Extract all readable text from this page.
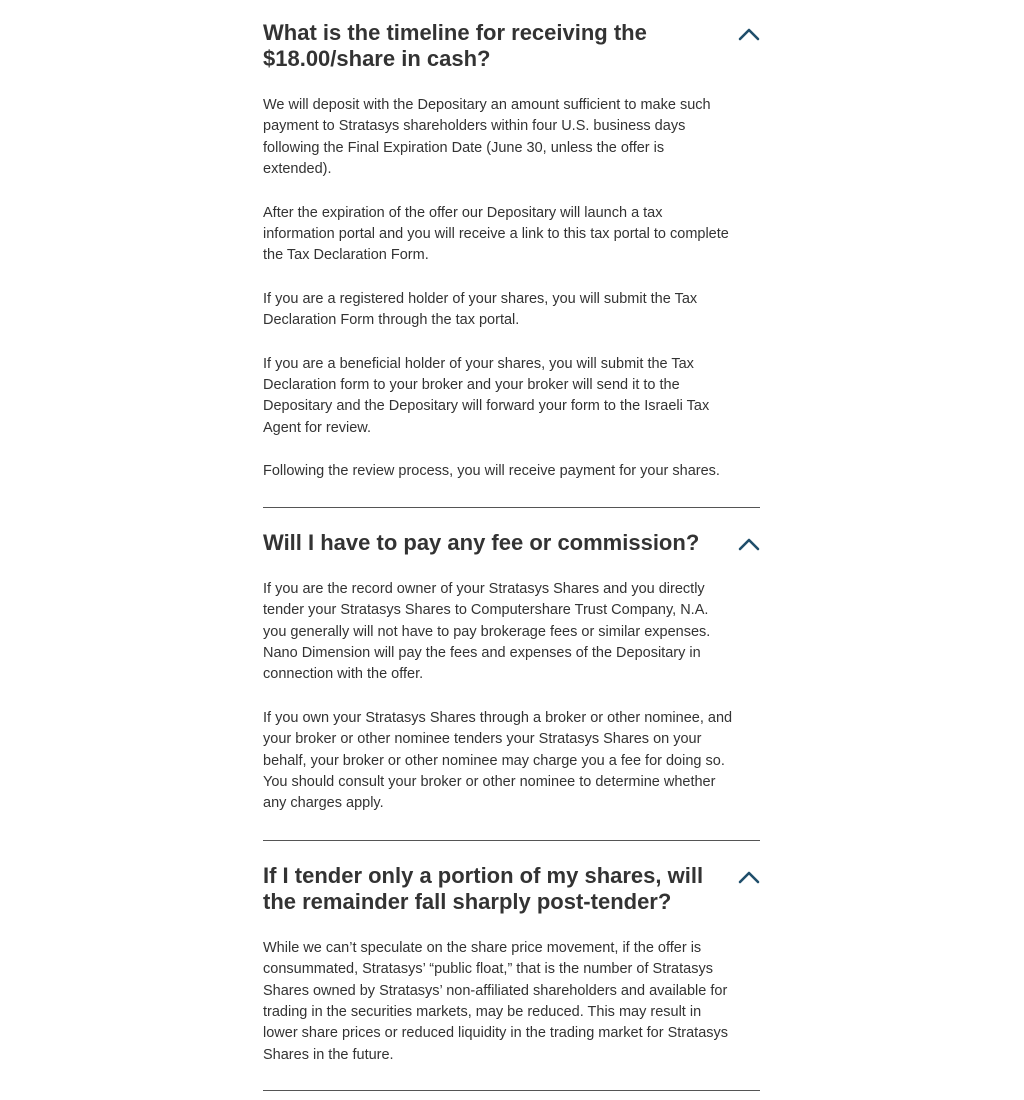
What is the timeline for receiving the $18.00/share in cash?

We will deposit with the Depositary an amount sufficient to make such payment to Stratasys shareholders within four U.S. business days following the Final Expiration Date (June 30, unless the offer is extended).

After the expiration of the offer our Depositary will launch a tax information portal and you will receive a link to this tax portal to complete the Tax Declaration Form.

If you are a registered holder of your shares, you will submit the Tax Declaration Form through the tax portal.

If you are a beneficial holder of your shares, you will submit the Tax Declaration form to your broker and your broker will send it to the Depositary and the Depositary will forward your form to the Israeli Tax Agent for review.

Following the review process, you will receive payment for your shares.

Will I have to pay any fee or commission?

If you are the record owner of your Stratasys Shares and you directly tender your Stratasys Shares to Computershare Trust Company, N.A. you generally will not have to pay brokerage fees or similar expenses. Nano Dimension will pay the fees and expenses of the Depositary in connection with the offer.

If you own your Stratasys Shares through a broker or other nominee, and your broker or other nominee tenders your Stratasys Shares on your behalf, your broker or other nominee may charge you a fee for doing so. You should consult your broker or other nominee to determine whether any charges apply.

If I tender only a portion of my shares, will the remainder fall sharply post-tender?

While we can’t speculate on the share price movement, if the offer is consummated, Stratasys’ “public float,” that is the number of Stratasys Shares owned by Stratasys’ non-affiliated shareholders and available for trading in the securities markets, may be reduced. This may result in lower share prices or reduced liquidity in the trading market for Stratasys Shares in the future.
